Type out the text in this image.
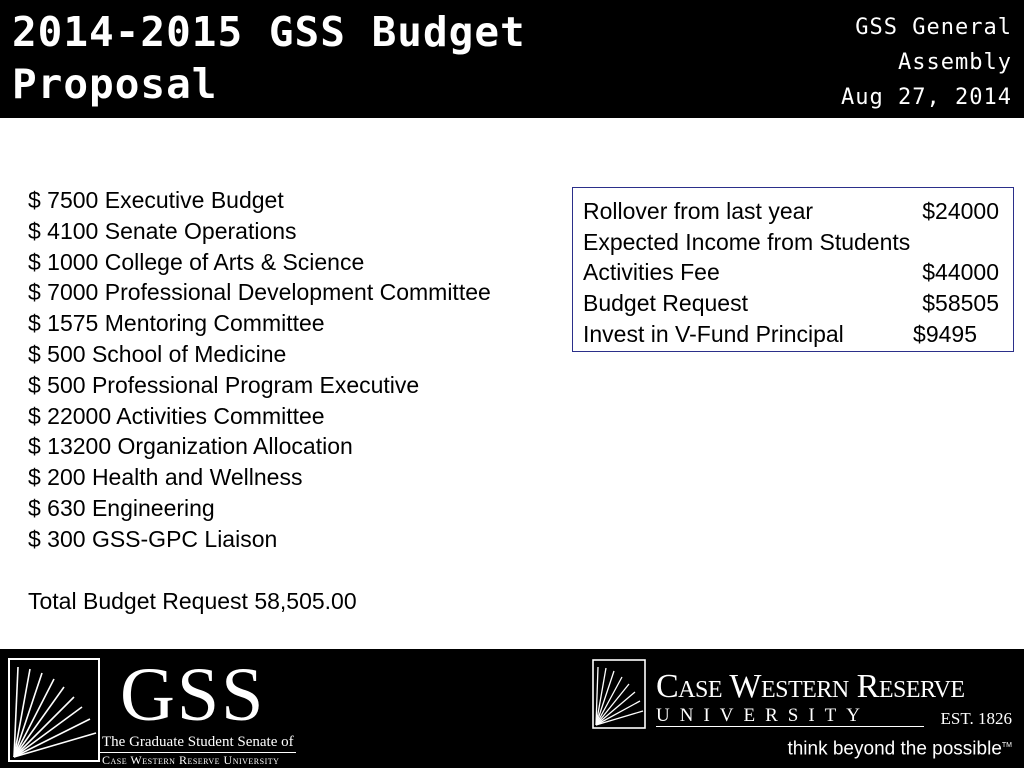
2014-2015 GSS Budget Proposal
GSS General
Assembly
Aug 27, 2014
$ 7500 Executive Budget
$ 4100 Senate Operations
$ 1000 College of Arts & Science
$ 7000 Professional Development Committee
$ 1575 Mentoring Committee
$ 500 School of Medicine
$ 500 Professional Program Executive
$ 22000 Activities Committee
$ 13200 Organization Allocation
$ 200 Health and Wellness
$ 630 Engineering
$ 300 GSS-GPC Liaison
Total Budget Request 58,505.00
Rollover from last year	$24000
Expected Income from Students
Activities Fee	$44000
Budget Request	$58505
Invest in V-Fund Principal	$9495
GSS
The Graduate Student Senate of
Case Western Reserve University
Case Western Reserve
UNIVERSITY	EST. 1826
think beyond the possible™
